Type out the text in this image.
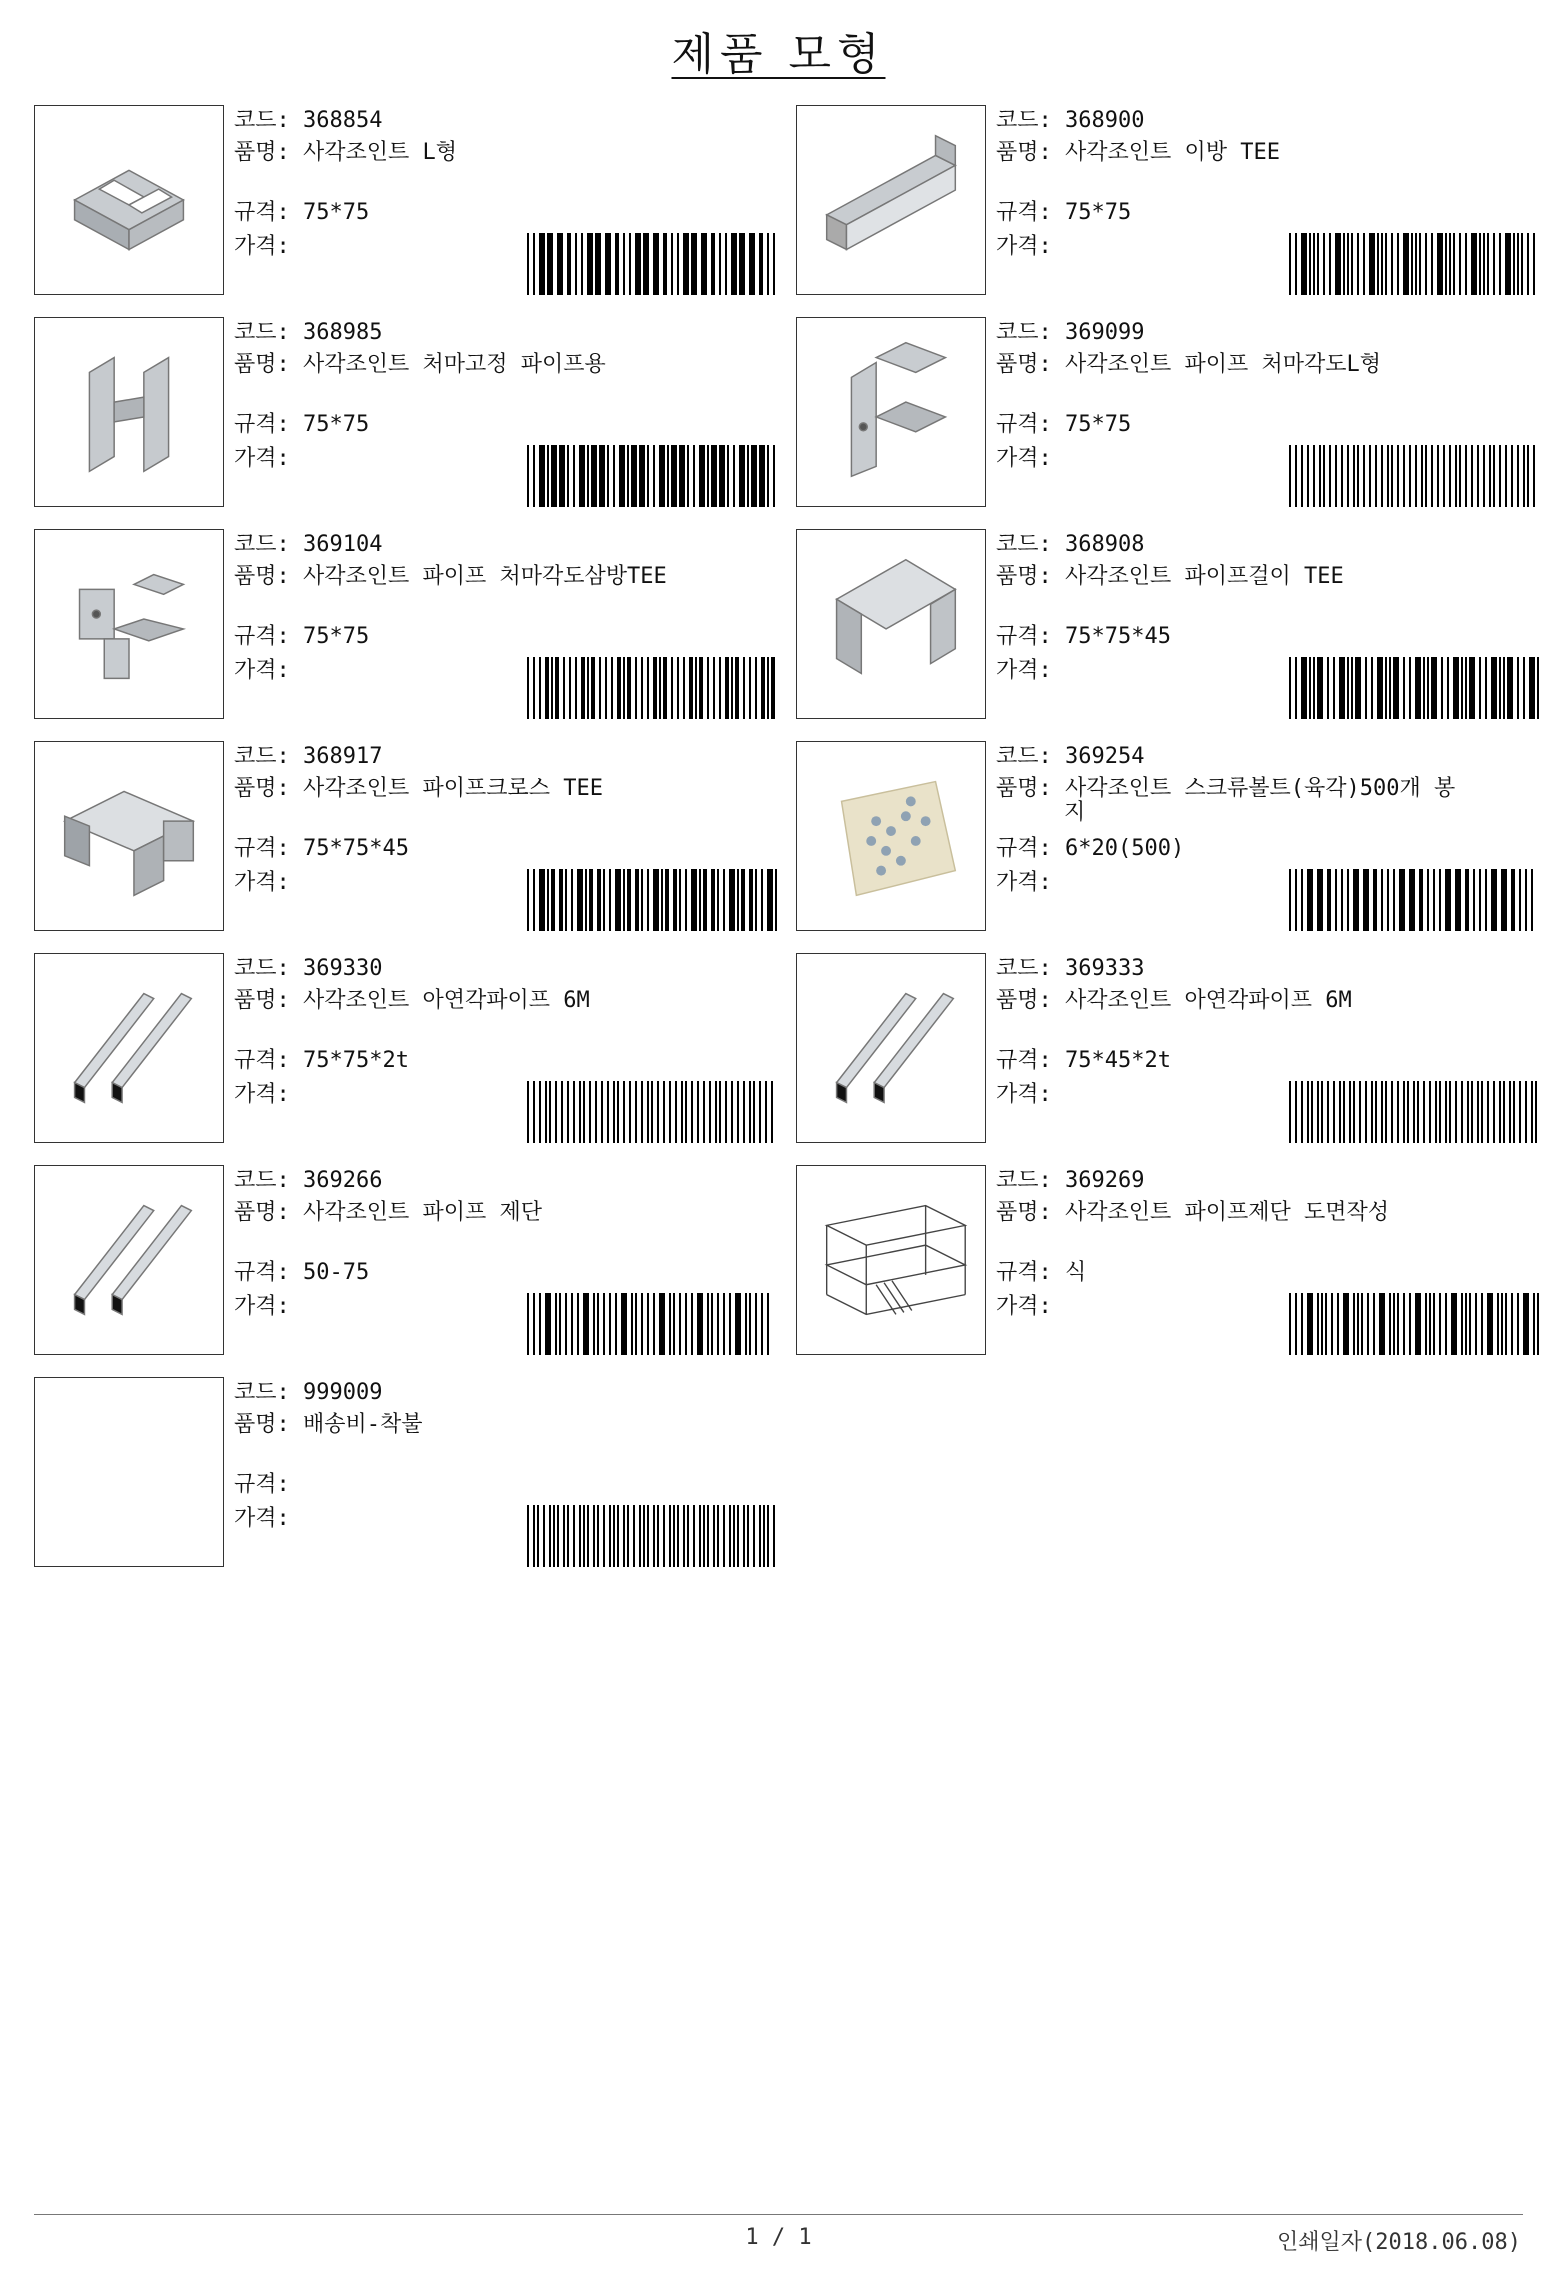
제품 모형
코드: 368854
품명: 사각조인트 L형
규격: 75*75
가격:
코드: 368900
품명: 사각조인트 이방 TEE
규격: 75*75
가격:
코드: 368985
품명: 사각조인트 처마고정 파이프용
규격: 75*75
가격:
코드: 369099
품명: 사각조인트 파이프 처마각도L형
규격: 75*75
가격:
코드: 369104
품명: 사각조인트 파이프 처마각도삼방TEE
규격: 75*75
가격:
코드: 368908
품명: 사각조인트 파이프걸이 TEE
규격: 75*75*45
가격:
코드: 368917
품명: 사각조인트 파이프크로스 TEE
규격: 75*75*45
가격:
코드: 369254
품명: 사각조인트 스크류볼트(육각)500개 봉
지
규격: 6*20(500)
가격:
코드: 369330
품명: 사각조인트 아연각파이프 6M
규격: 75*75*2t
가격:
코드: 369333
품명: 사각조인트 아연각파이프 6M
규격: 75*45*2t
가격:
코드: 369266
품명: 사각조인트 파이프 제단
규격: 50-75
가격:
코드: 369269
품명: 사각조인트 파이프제단 도면작성
규격: 식
가격:
코드: 999009
품명: 배송비-착불
규격:
가격:
1 / 1	인쇄일자(2018.06.08)
